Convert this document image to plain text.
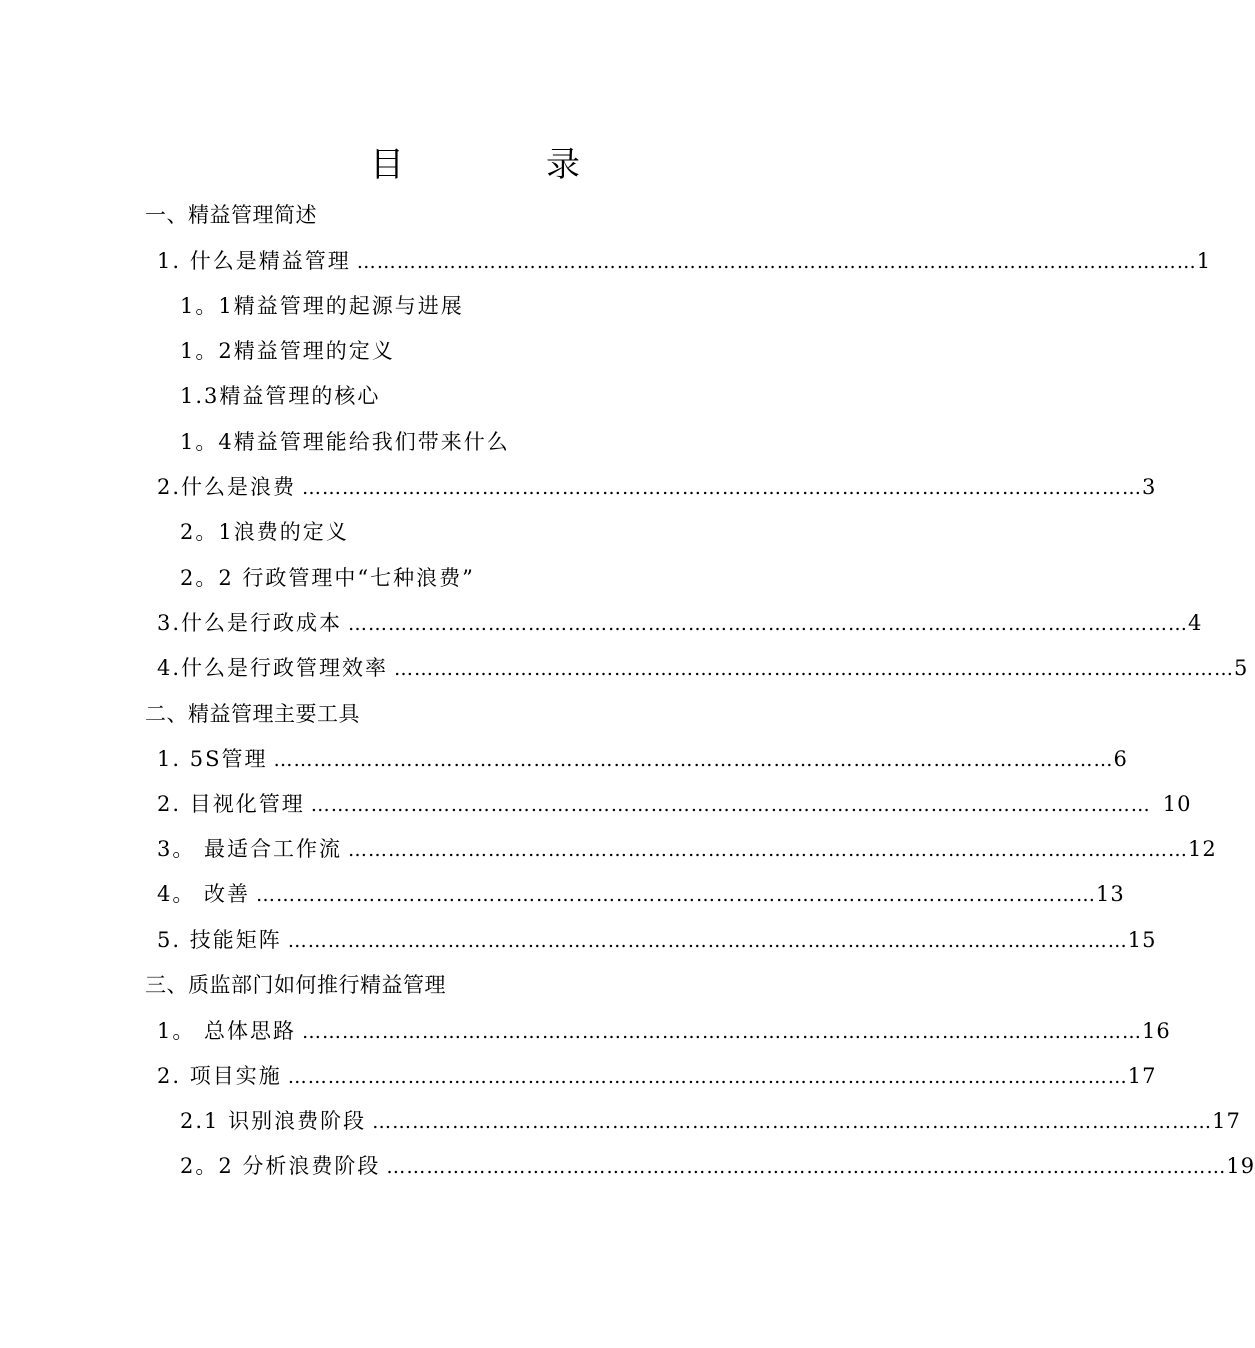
目　录
一、精益管理简述
1. 什么是精益管理 ……………………………………………………………………………………………………………… 1
1。1精益管理的起源与进展
1。2精益管理的定义
1.3精益管理的核心
1。4精益管理能给我们带来什么
2.什么是浪费 ……………………………………………………………………………………………………………… 3
2。1浪费的定义
2。2 行政管理中“七种浪费”
3.什么是行政成本 ……………………………………………………………………………………………………………… 4
4.什么是行政管理效率 ……………………………………………………………………………………………………………… 5
二、精益管理主要工具
1. 5S管理 ……………………………………………………………………………………………………………… 6
2. 目视化管理 ……………………………………………………………………………………………………………… 10
3。 最适合工作流 ……………………………………………………………………………………………………………… 12
4。 改善 ……………………………………………………………………………………………………………… 13
5. 技能矩阵 ……………………………………………………………………………………………………………… 15
三、质监部门如何推行精益管理
1。 总体思路 ……………………………………………………………………………………………………………… 16
2. 项目实施 ……………………………………………………………………………………………………………… 17
2.1 识别浪费阶段 ……………………………………………………………………………………………………………… 17
2。2 分析浪费阶段 ……………………………………………………………………………………………………………… 19
